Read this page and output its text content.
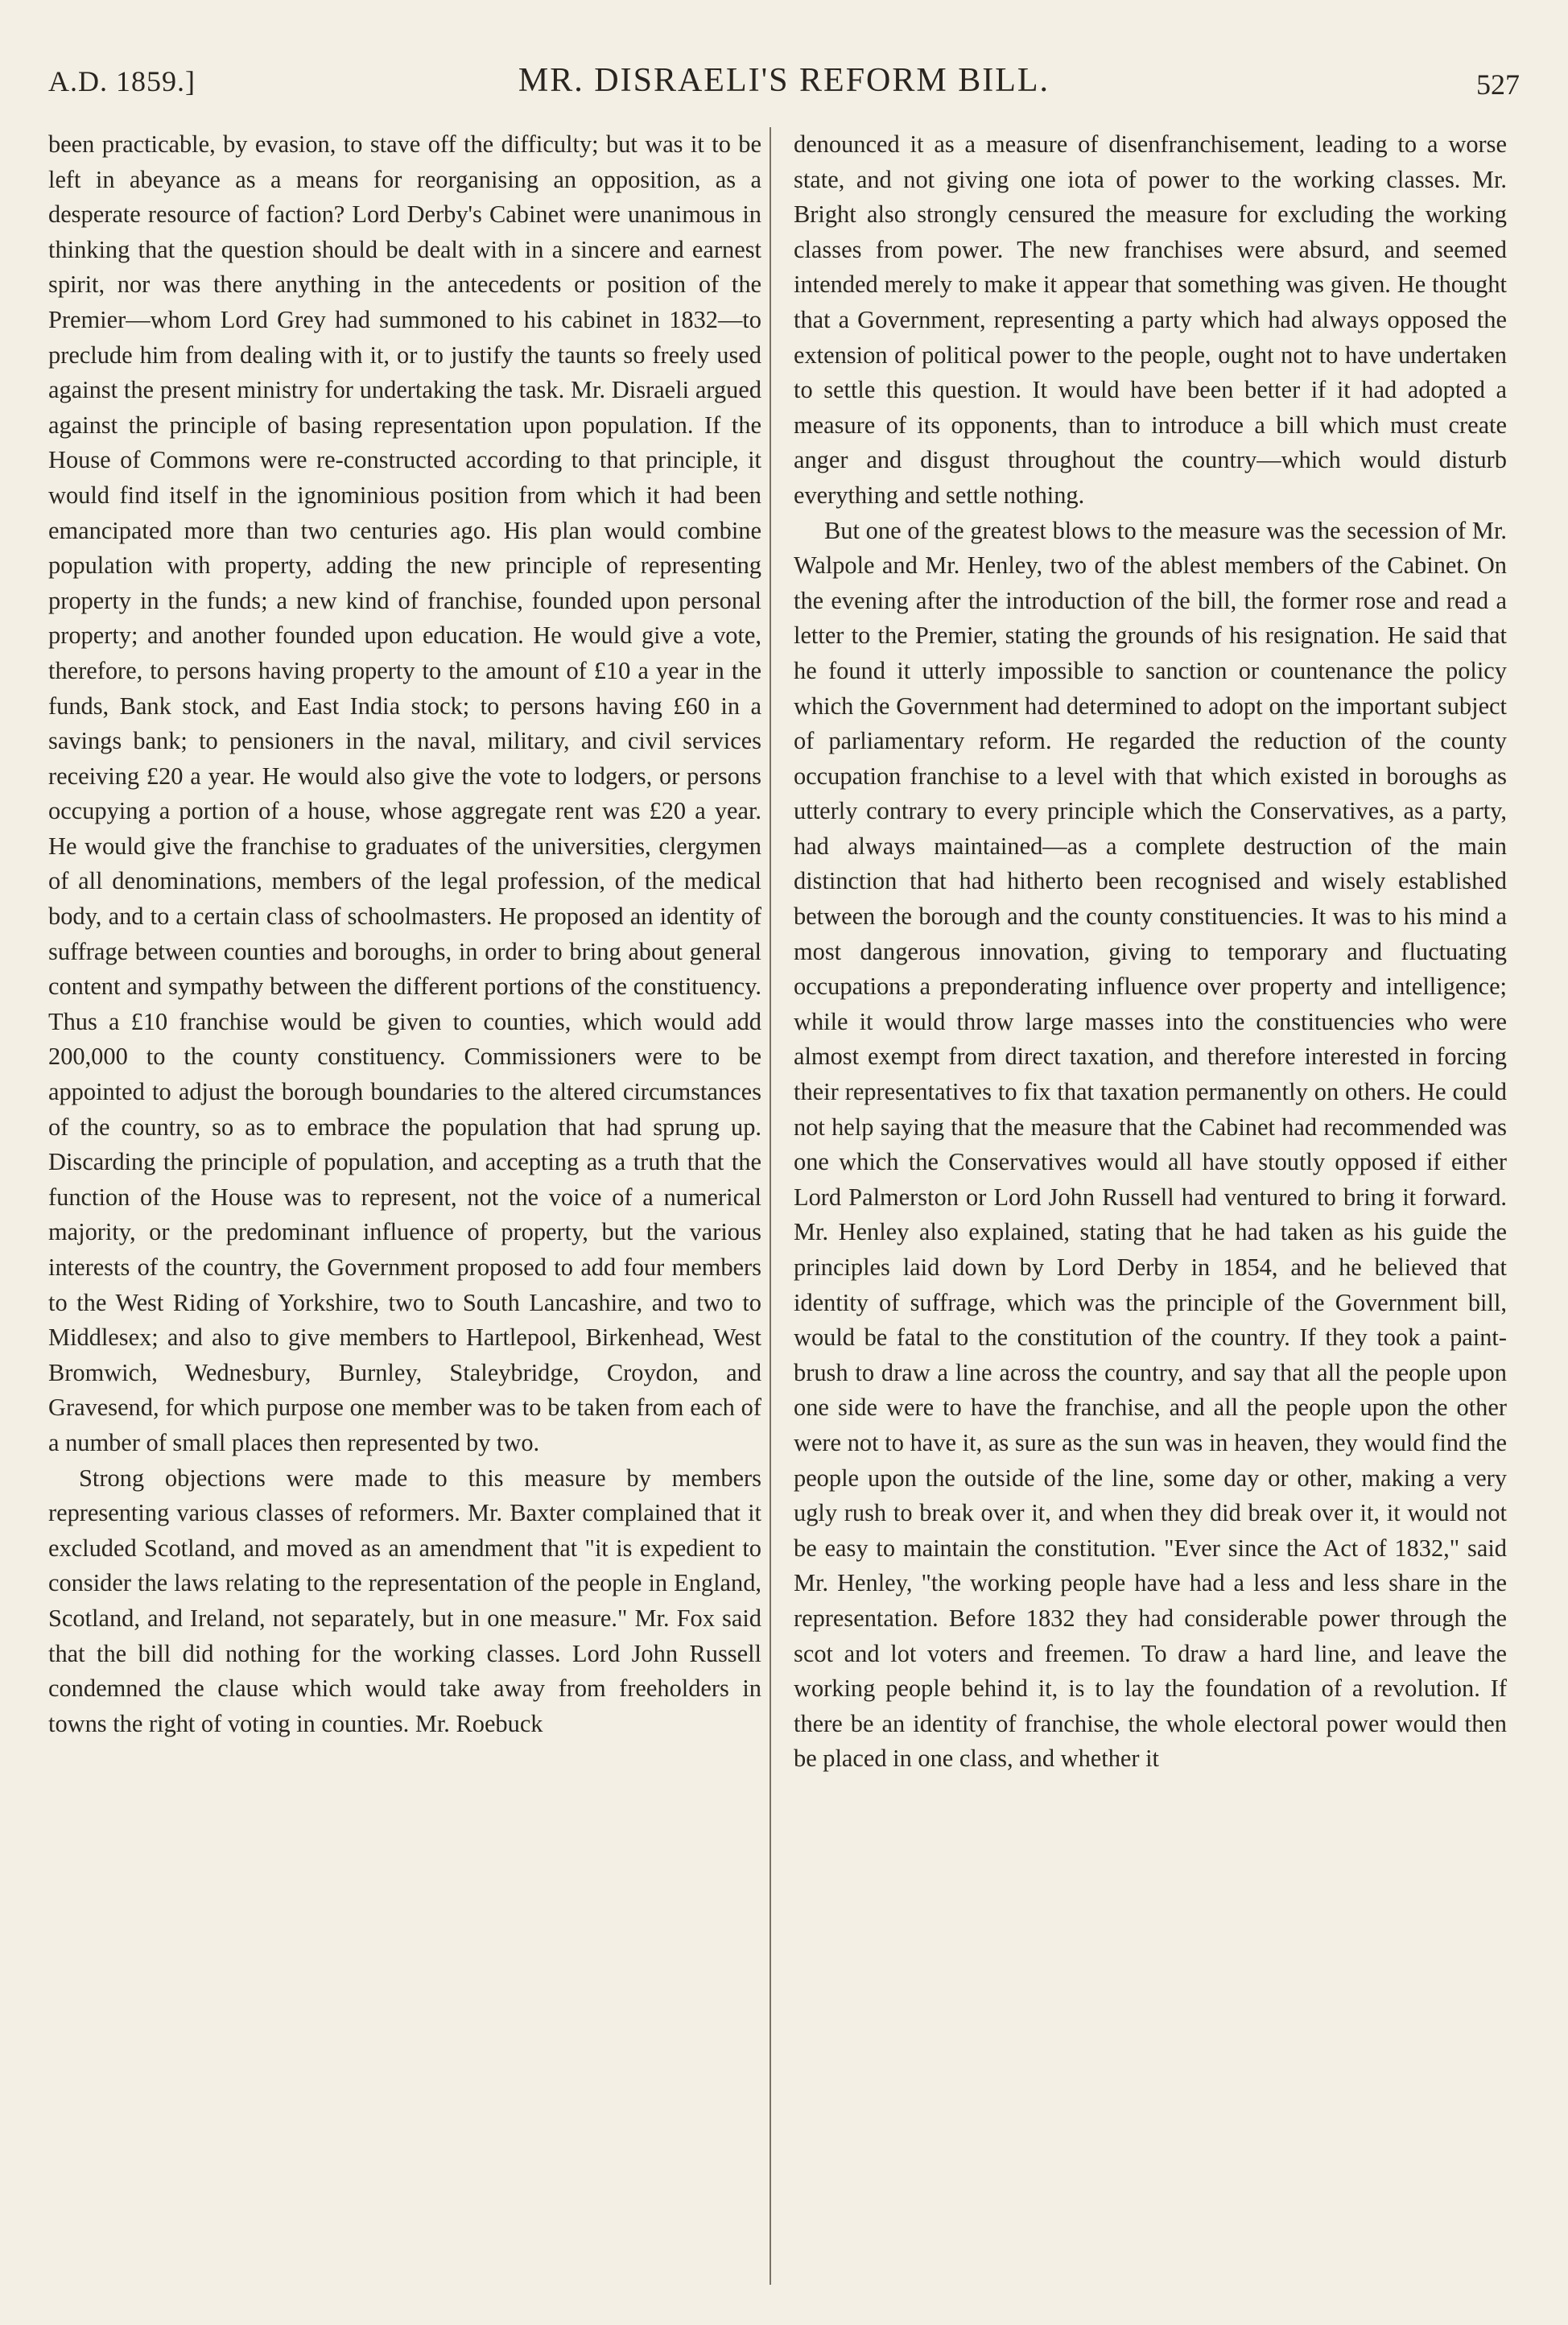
A.D. 1859.]	MR. DISRAELI'S REFORM BILL.	527

been practicable, by evasion, to stave off the difficulty; but was it to be left in abeyance as a means for reorganising an opposition, as a desperate resource of faction? Lord Derby's Cabinet were unanimous in thinking that the question should be dealt with in a sincere and earnest spirit, nor was there anything in the antecedents or position of the Premier—whom Lord Grey had summoned to his cabinet in 1832—to preclude him from dealing with it, or to justify the taunts so freely used against the present ministry for undertaking the task. Mr. Disraeli argued against the principle of basing representation upon population. If the House of Commons were re-constructed according to that principle, it would find itself in the ignominious position from which it had been emancipated more than two centuries ago. His plan would combine population with property, adding the new principle of representing property in the funds; a new kind of franchise, founded upon personal property; and another founded upon education. He would give a vote, therefore, to persons having property to the amount of £10 a year in the funds, Bank stock, and East India stock; to persons having £60 in a savings bank; to pensioners in the naval, military, and civil services receiving £20 a year. He would also give the vote to lodgers, or persons occupying a portion of a house, whose aggregate rent was £20 a year. He would give the franchise to graduates of the universities, clergymen of all denominations, members of the legal profession, of the medical body, and to a certain class of schoolmasters. He proposed an identity of suffrage between counties and boroughs, in order to bring about general content and sympathy between the different portions of the constituency. Thus a £10 franchise would be given to counties, which would add 200,000 to the county constituency. Commissioners were to be appointed to adjust the borough boundaries to the altered circumstances of the country, so as to embrace the population that had sprung up. Discarding the principle of population, and accepting as a truth that the function of the House was to represent, not the voice of a numerical majority, or the predominant influence of property, but the various interests of the country, the Government proposed to add four members to the West Riding of Yorkshire, two to South Lancashire, and two to Middlesex; and also to give members to Hartlepool, Birkenhead, West Bromwich, Wednesbury, Burnley, Staleybridge, Croydon, and Gravesend, for which purpose one member was to be taken from each of a number of small places then represented by two.

Strong objections were made to this measure by members representing various classes of reformers. Mr. Baxter complained that it excluded Scotland, and moved as an amendment that "it is expedient to consider the laws relating to the representation of the people in England, Scotland, and Ireland, not separately, but in one measure." Mr. Fox said that the bill did nothing for the working classes. Lord John Russell condemned the clause which would take away from freeholders in towns the right of voting in counties. Mr. Roebuck

denounced it as a measure of disenfranchisement, leading to a worse state, and not giving one iota of power to the working classes. Mr. Bright also strongly censured the measure for excluding the working classes from power. The new franchises were absurd, and seemed intended merely to make it appear that something was given. He thought that a Government, representing a party which had always opposed the extension of political power to the people, ought not to have undertaken to settle this question. It would have been better if it had adopted a measure of its opponents, than to introduce a bill which must create anger and disgust throughout the country—which would disturb everything and settle nothing.

But one of the greatest blows to the measure was the secession of Mr. Walpole and Mr. Henley, two of the ablest members of the Cabinet. On the evening after the introduction of the bill, the former rose and read a letter to the Premier, stating the grounds of his resignation. He said that he found it utterly impossible to sanction or countenance the policy which the Government had determined to adopt on the important subject of parliamentary reform. He regarded the reduction of the county occupation franchise to a level with that which existed in boroughs as utterly contrary to every principle which the Conservatives, as a party, had always maintained—as a complete destruction of the main distinction that had hitherto been recognised and wisely established between the borough and the county constituencies. It was to his mind a most dangerous innovation, giving to temporary and fluctuating occupations a preponderating influence over property and intelligence; while it would throw large masses into the constituencies who were almost exempt from direct taxation, and therefore interested in forcing their representatives to fix that taxation permanently on others. He could not help saying that the measure that the Cabinet had recommended was one which the Conservatives would all have stoutly opposed if either Lord Palmerston or Lord John Russell had ventured to bring it forward. Mr. Henley also explained, stating that he had taken as his guide the principles laid down by Lord Derby in 1854, and he believed that identity of suffrage, which was the principle of the Government bill, would be fatal to the constitution of the country. If they took a paint-brush to draw a line across the country, and say that all the people upon one side were to have the franchise, and all the people upon the other were not to have it, as sure as the sun was in heaven, they would find the people upon the outside of the line, some day or other, making a very ugly rush to break over it, and when they did break over it, it would not be easy to maintain the constitution. "Ever since the Act of 1832," said Mr. Henley, "the working people have had a less and less share in the representation. Before 1832 they had considerable power through the scot and lot voters and freemen. To draw a hard line, and leave the working people behind it, is to lay the foundation of a revolution. If there be an identity of franchise, the whole electoral power would then be placed in one class, and whether it
